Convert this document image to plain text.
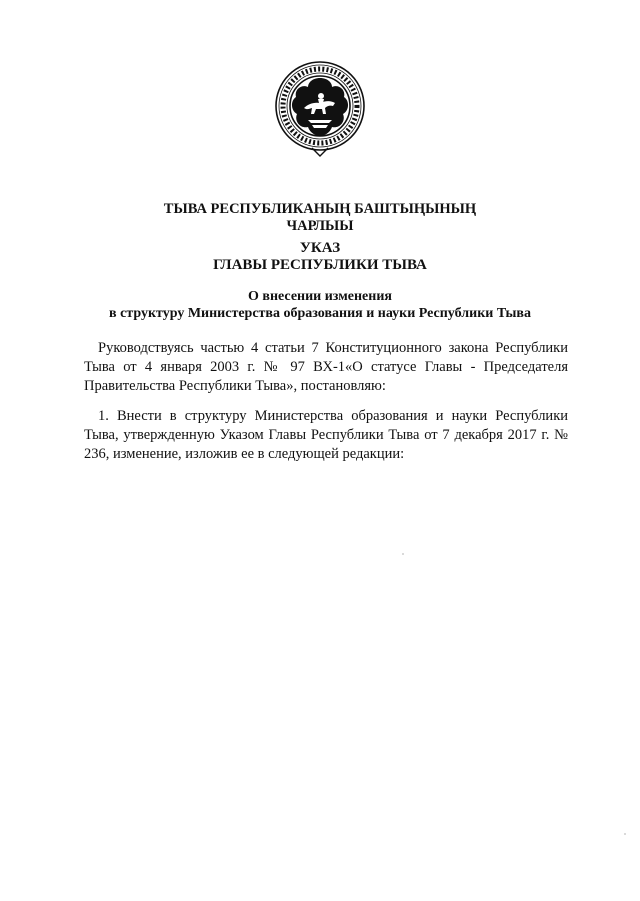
ТЫВА РЕСПУБЛИКАНЫҢ БАШТЫҢЫНЫҢ
ЧАРЛЫЫ
УКАЗ
ГЛАВЫ РЕСПУБЛИКИ ТЫВА
О внесении изменения
в структуру Министерства образования и науки Республики Тыва

Руководствуясь частью 4 статьи 7 Конституционного закона Республики Тыва от 4 января 2003 г. № 97 ВХ-1«О статусе Главы - Председателя Правительства Республики Тыва», постановляю:

1. Внести в структуру Министерства образования и науки Республики Тыва, утвержденную Указом Главы Республики Тыва от 7 декабря 2017 г. № 236, изменение, изложив ее в следующей редакции:
